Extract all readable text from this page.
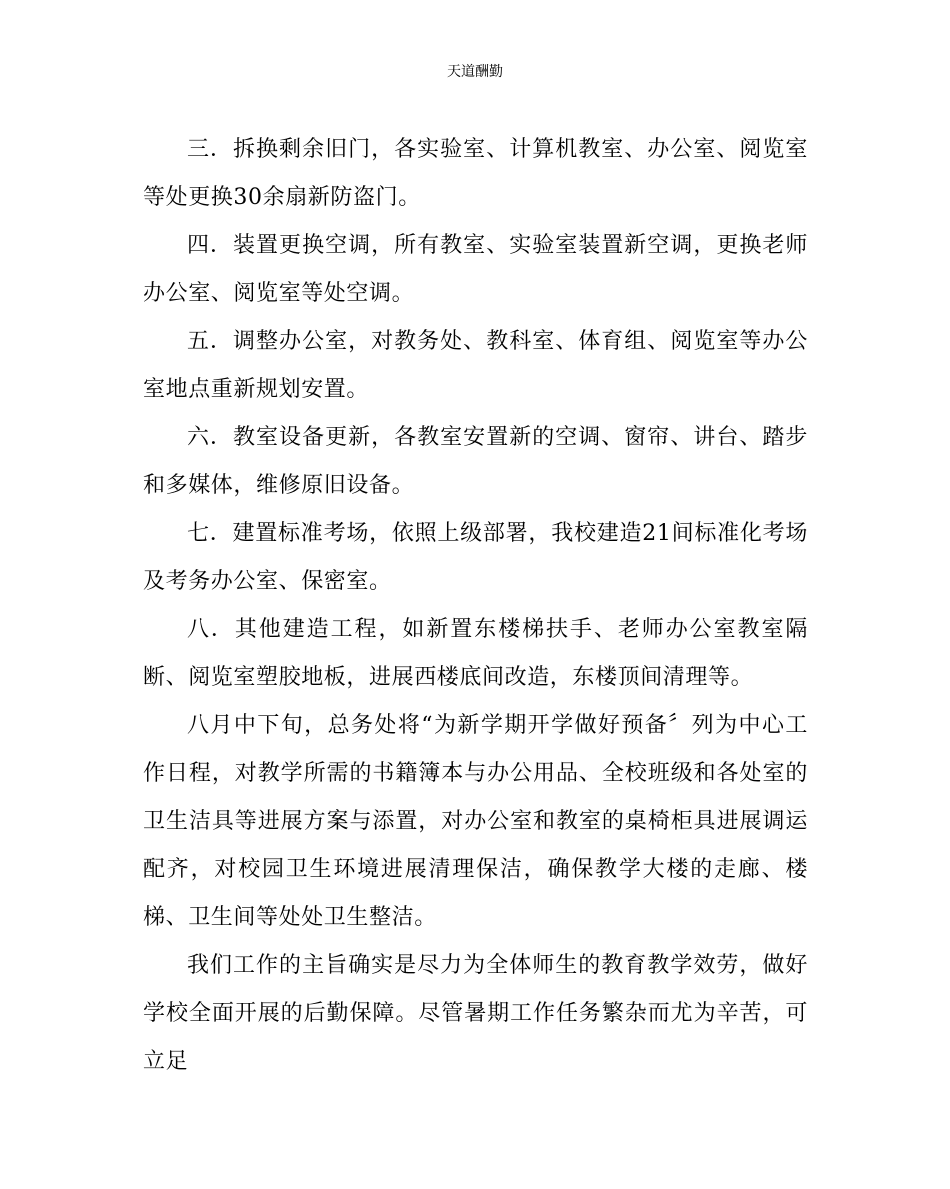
天道酬勤

三．拆换剩余旧门，各实验室、计算机教室、办公室、阅览室等处更换30余扇新防盗门。

四．装置更换空调，所有教室、实验室装置新空调，更换老师办公室、阅览室等处空调。

五．调整办公室，对教务处、教科室、体育组、阅览室等办公室地点重新规划安置。

六．教室设备更新，各教室安置新的空调、窗帘、讲台、踏步和多媒体，维修原旧设备。

七．建置标准考场，依照上级部署，我校建造21间标准化考场及考务办公室、保密室。

八．其他建造工程，如新置东楼梯扶手、老师办公室教室隔断、阅览室塑胶地板，进展西楼底间改造，东楼顶间清理等。

八月中下旬，总务处将“为新学期开学做好预备〞列为中心工作日程，对教学所需的书籍簿本与办公用品、全校班级和各处室的卫生洁具等进展方案与添置，对办公室和教室的桌椅柜具进展调运配齐，对校园卫生环境进展清理保洁，确保教学大楼的走廊、楼梯、卫生间等处处卫生整洁。

我们工作的主旨确实是尽力为全体师生的教育教学效劳，做好学校全面开展的后勤保障。尽管暑期工作任务繁杂而尤为辛苦，可立足
